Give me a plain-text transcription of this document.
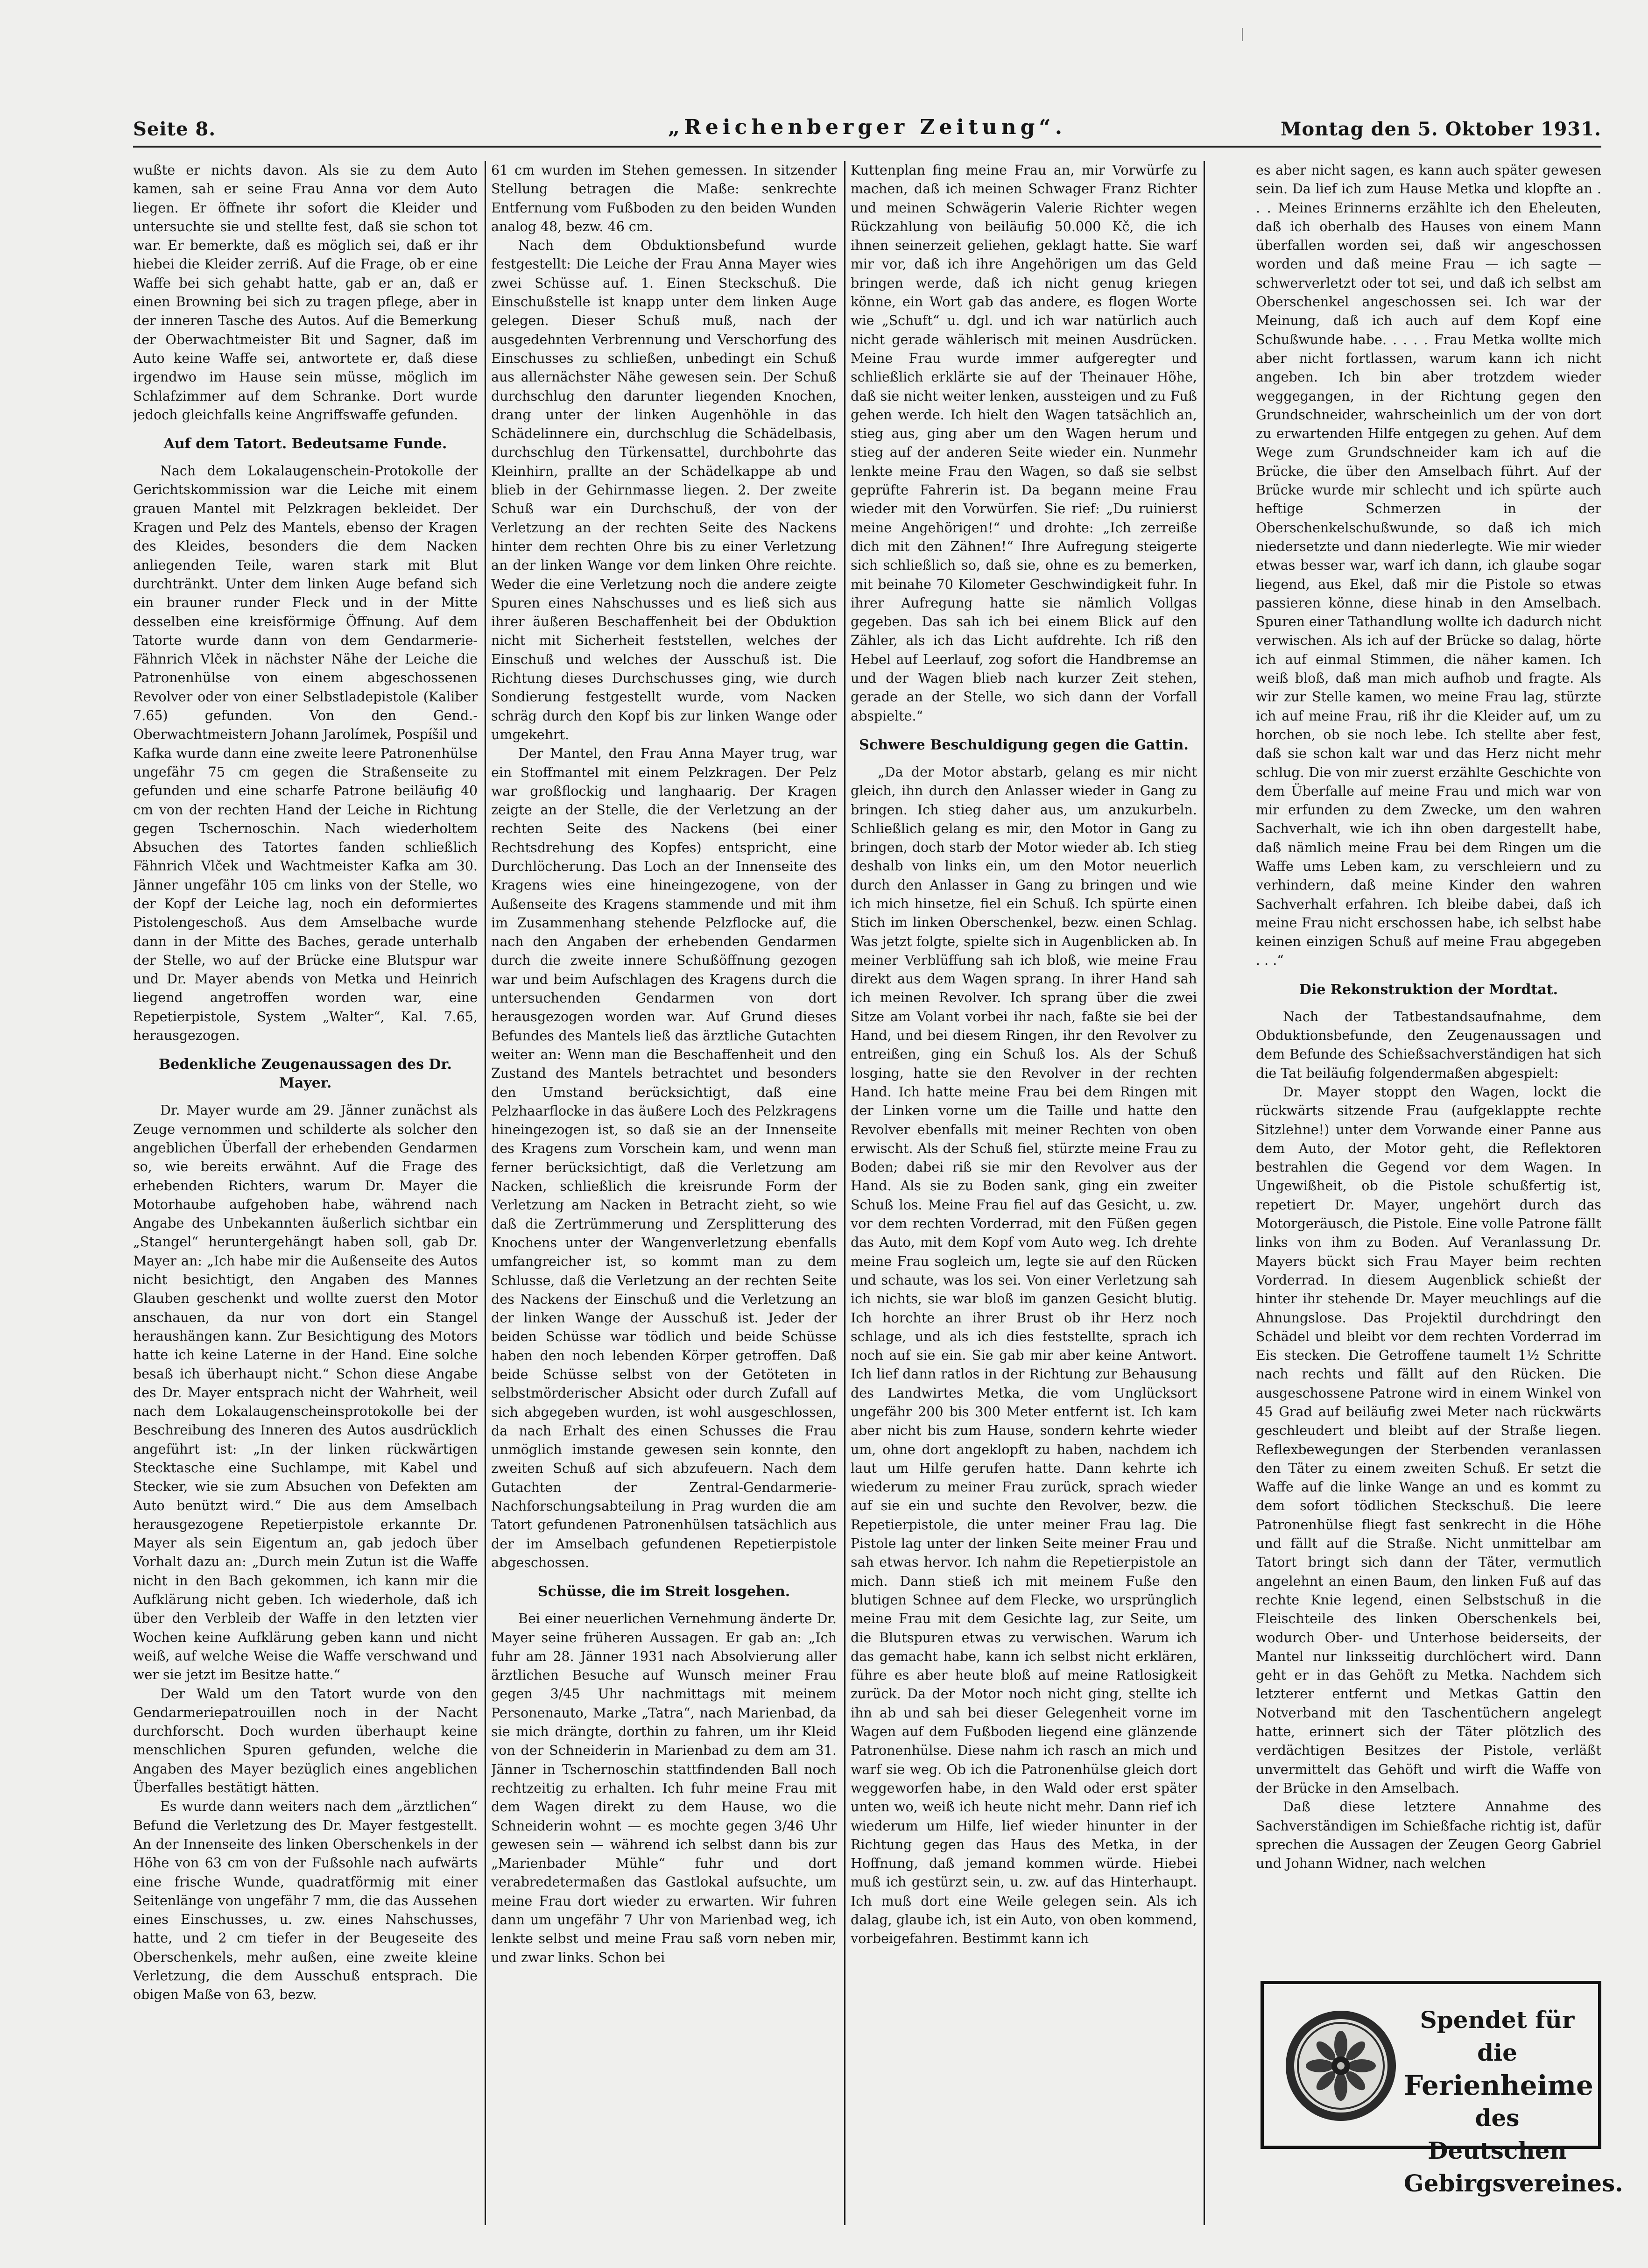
Seite 8.	„Reichenberger Zeitung“.	Montag den 5. Oktober 1931.

wußte er nichts davon. Als sie zu dem Auto kamen, sah er seine Frau Anna vor dem Auto liegen. Er öffnete ihr sofort die Kleider und untersuchte sie und stellte fest, daß sie schon tot war. Er bemerkte, daß es möglich sei, daß er ihr hiebei die Kleider zerriß. Auf die Frage, ob er eine Waffe bei sich gehabt hatte, gab er an, daß er einen Browning bei sich zu tragen pflege, aber in der inneren Tasche des Autos. Auf die Bemerkung der Oberwachtmeister Bit und Sagner, daß im Auto keine Waffe sei, antwortete er, daß diese irgendwo im Hause sein müsse, möglich im Schlafzimmer auf dem Schranke. Dort wurde jedoch gleichfalls keine Angriffswaffe gefunden.

Auf dem Tatort. Bedeutsame Funde.

Nach dem Lokalaugenschein-Protokolle der Gerichtskommission war die Leiche mit einem grauen Mantel mit Pelzkragen bekleidet. Der Kragen und Pelz des Mantels, ebenso der Kragen des Kleides, besonders die dem Nacken anliegenden Teile, waren stark mit Blut durchtränkt. Unter dem linken Auge befand sich ein brauner runder Fleck und in der Mitte desselben eine kreisförmige Öffnung. Auf dem Tatorte wurde dann von dem Gendarmerie-Fähnrich Vlček in nächster Nähe der Leiche die Patronenhülse von einem abgeschossenen Revolver oder von einer Selbstladepistole (Kaliber 7.65) gefunden. Von den Gend.-Oberwachtmeistern Johann Jarolímek, Pospíšil und Kafka wurde dann eine zweite leere Patronenhülse ungefähr 75 cm gegen die Straßenseite zu gefunden und eine scharfe Patrone beiläufig 40 cm von der rechten Hand der Leiche in Richtung gegen Tschernoschin. Nach wiederholtem Absuchen des Tatortes fanden schließlich Fähnrich Vlček und Wachtmeister Kafka am 30. Jänner ungefähr 105 cm links von der Stelle, wo der Kopf der Leiche lag, noch ein deformiertes Pistolengeschoß. Aus dem Amselbache wurde dann in der Mitte des Baches, gerade unterhalb der Stelle, wo auf der Brücke eine Blutspur war und Dr. Mayer abends von Metka und Heinrich liegend angetroffen worden war, eine Repetierpistole, System „Walter“, Kal. 7.65, herausgezogen.

Bedenkliche Zeugenaussagen des Dr. Mayer.

Dr. Mayer wurde am 29. Jänner zunächst als Zeuge vernommen und schilderte als solcher den angeblichen Überfall der erhebenden Gendarmen so, wie bereits erwähnt. Auf die Frage des erhebenden Richters, warum Dr. Mayer die Motorhaube aufgehoben habe, während nach Angabe des Unbekannten äußerlich sichtbar ein „Stangel“ heruntergehängt haben soll, gab Dr. Mayer an: „Ich habe mir die Außenseite des Autos nicht besichtigt, den Angaben des Mannes Glauben geschenkt und wollte zuerst den Motor anschauen, da nur von dort ein Stangel heraushängen kann. Zur Besichtigung des Motors hatte ich keine Laterne in der Hand. Eine solche besaß ich überhaupt nicht.“ Schon diese Angabe des Dr. Mayer entsprach nicht der Wahrheit, weil nach dem Lokalaugenscheinsprotokolle bei der Beschreibung des Inneren des Autos ausdrücklich angeführt ist: „In der linken rückwärtigen Stecktasche eine Suchlampe, mit Kabel und Stecker, wie sie zum Absuchen von Defekten am Auto benützt wird.“ Die aus dem Amselbach herausgezogene Repetierpistole erkannte Dr. Mayer als sein Eigentum an, gab jedoch über Vorhalt dazu an: „Durch mein Zutun ist die Waffe nicht in den Bach gekommen, ich kann mir die Aufklärung nicht geben. Ich wiederhole, daß ich über den Verbleib der Waffe in den letzten vier Wochen keine Aufklärung geben kann und nicht weiß, auf welche Weise die Waffe verschwand und wer sie jetzt im Besitze hatte.“

Der Wald um den Tatort wurde von den Gendarmeriepatrouillen noch in der Nacht durchforscht. Doch wurden überhaupt keine menschlichen Spuren gefunden, welche die Angaben des Mayer bezüglich eines angeblichen Überfalles bestätigt hätten.

Es wurde dann weiters nach dem „ärztlichen“ Befund die Verletzung des Dr. Mayer festgestellt. An der Innenseite des linken Oberschenkels in der Höhe von 63 cm von der Fußsohle nach aufwärts eine frische Wunde, quadratförmig mit einer Seitenlänge von ungefähr 7 mm, die das Aussehen eines Einschusses, u. zw. eines Nahschusses, hatte, und 2 cm tiefer in der Beugeseite des Oberschenkels, mehr außen, eine zweite kleine Verletzung, die dem Ausschuß entsprach. Die obigen Maße von 63, bezw.

61 cm wurden im Stehen gemessen. In sitzender Stellung betragen die Maße: senkrechte Entfernung vom Fußboden zu den beiden Wunden analog 48, bezw. 46 cm.

Nach dem Obduktionsbefund wurde festgestellt: Die Leiche der Frau Anna Mayer wies zwei Schüsse auf. 1. Einen Steckschuß. Die Einschußstelle ist knapp unter dem linken Auge gelegen. Dieser Schuß muß, nach der ausgedehnten Verbrennung und Verschorfung des Einschusses zu schließen, unbedingt ein Schuß aus allernächster Nähe gewesen sein. Der Schuß durchschlug den darunter liegenden Knochen, drang unter der linken Augenhöhle in das Schädelinnere ein, durchschlug die Schädelbasis, durchschlug den Türkensattel, durchbohrte das Kleinhirn, prallte an der Schädelkappe ab und blieb in der Gehirnmasse liegen. 2. Der zweite Schuß war ein Durchschuß, der von der Verletzung an der rechten Seite des Nackens hinter dem rechten Ohre bis zu einer Verletzung an der linken Wange vor dem linken Ohre reichte. Weder die eine Verletzung noch die andere zeigte Spuren eines Nahschusses und es ließ sich aus ihrer äußeren Beschaffenheit bei der Obduktion nicht mit Sicherheit feststellen, welches der Einschuß und welches der Ausschuß ist. Die Richtung dieses Durchschusses ging, wie durch Sondierung festgestellt wurde, vom Nacken schräg durch den Kopf bis zur linken Wange oder umgekehrt.

Der Mantel, den Frau Anna Mayer trug, war ein Stoffmantel mit einem Pelzkragen. Der Pelz war großflockig und langhaarig. Der Kragen zeigte an der Stelle, die der Verletzung an der rechten Seite des Nackens (bei einer Rechtsdrehung des Kopfes) entspricht, eine Durchlöcherung. Das Loch an der Innenseite des Kragens wies eine hineingezogene, von der Außenseite des Kragens stammende und mit ihm im Zusammenhang stehende Pelzflocke auf, die nach den Angaben der erhebenden Gendarmen durch die zweite innere Schußöffnung gezogen war und beim Aufschlagen des Kragens durch die untersuchenden Gendarmen von dort herausgezogen worden war. Auf Grund dieses Befundes des Mantels ließ das ärztliche Gutachten weiter an: Wenn man die Beschaffenheit und den Zustand des Mantels betrachtet und besonders den Umstand berücksichtigt, daß eine Pelzhaarflocke in das äußere Loch des Pelzkragens hineingezogen ist, so daß sie an der Innenseite des Kragens zum Vorschein kam, und wenn man ferner berücksichtigt, daß die Verletzung am Nacken, schließlich die kreisrunde Form der Verletzung am Nacken in Betracht zieht, so wie daß die Zertrümmerung und Zersplitterung des Knochens unter der Wangenverletzung ebenfalls umfangreicher ist, so kommt man zu dem Schlusse, daß die Verletzung an der rechten Seite des Nackens der Einschuß und die Verletzung an der linken Wange der Ausschuß ist. Jeder der beiden Schüsse war tödlich und beide Schüsse haben den noch lebenden Körper getroffen. Daß beide Schüsse selbst von der Getöteten in selbstmörderischer Absicht oder durch Zufall auf sich abgegeben wurden, ist wohl ausgeschlossen, da nach Erhalt des einen Schusses die Frau unmöglich imstande gewesen sein konnte, den zweiten Schuß auf sich abzufeuern. Nach dem Gutachten der Zentral-Gendarmerie-Nachforschungsabteilung in Prag wurden die am Tatort gefundenen Patronenhülsen tatsächlich aus der im Amselbach gefundenen Repetierpistole abgeschossen.

Schüsse, die im Streit losgehen.

Bei einer neuerlichen Vernehmung änderte Dr. Mayer seine früheren Aussagen. Er gab an: „Ich fuhr am 28. Jänner 1931 nach Absolvierung aller ärztlichen Besuche auf Wunsch meiner Frau gegen 3/45 Uhr nachmittags mit meinem Personenauto, Marke „Tatra“, nach Marienbad, da sie mich drängte, dorthin zu fahren, um ihr Kleid von der Schneiderin in Marienbad zu dem am 31. Jänner in Tschernoschin stattfindenden Ball noch rechtzeitig zu erhalten. Ich fuhr meine Frau mit dem Wagen direkt zu dem Hause, wo die Schneiderin wohnt — es mochte gegen 3/46 Uhr gewesen sein — während ich selbst dann bis zur „Marienbader Mühle“ fuhr und dort verabredetermaßen das Gastlokal aufsuchte, um meine Frau dort wieder zu erwarten. Wir fuhren dann um ungefähr 7 Uhr von Marienbad weg, ich lenkte selbst und meine Frau saß vorn neben mir, und zwar links. Schon bei

Kuttenplan fing meine Frau an, mir Vorwürfe zu machen, daß ich meinen Schwager Franz Richter und meinen Schwägerin Valerie Richter wegen Rückzahlung von beiläufig 50.000 Kč, die ich ihnen seinerzeit geliehen, geklagt hatte. Sie warf mir vor, daß ich ihre Angehörigen um das Geld bringen werde, daß ich nicht genug kriegen könne, ein Wort gab das andere, es flogen Worte wie „Schuft“ u. dgl. und ich war natürlich auch nicht gerade wählerisch mit meinen Ausdrücken. Meine Frau wurde immer aufgeregter und schließlich erklärte sie auf der Theinauer Höhe, daß sie nicht weiter lenken, aussteigen und zu Fuß gehen werde. Ich hielt den Wagen tatsächlich an, stieg aus, ging aber um den Wagen herum und stieg auf der anderen Seite wieder ein. Nunmehr lenkte meine Frau den Wagen, so daß sie selbst geprüfte Fahrerin ist. Da begann meine Frau wieder mit den Vorwürfen. Sie rief: „Du ruinierst meine Angehörigen!“ und drohte: „Ich zerreiße dich mit den Zähnen!“ Ihre Aufregung steigerte sich schließlich so, daß sie, ohne es zu bemerken, mit beinahe 70 Kilometer Geschwindigkeit fuhr. In ihrer Aufregung hatte sie nämlich Vollgas gegeben. Das sah ich bei einem Blick auf den Zähler, als ich das Licht aufdrehte. Ich riß den Hebel auf Leerlauf, zog sofort die Handbremse an und der Wagen blieb nach kurzer Zeit stehen, gerade an der Stelle, wo sich dann der Vorfall abspielte.“

Schwere Beschuldigung gegen die Gattin.

„Da der Motor abstarb, gelang es mir nicht gleich, ihn durch den Anlasser wieder in Gang zu bringen. Ich stieg daher aus, um anzukurbeln. Schließlich gelang es mir, den Motor in Gang zu bringen, doch starb der Motor wieder ab. Ich stieg deshalb von links ein, um den Motor neuerlich durch den Anlasser in Gang zu bringen und wie ich mich hinsetze, fiel ein Schuß. Ich spürte einen Stich im linken Oberschenkel, bezw. einen Schlag. Was jetzt folgte, spielte sich in Augenblicken ab. In meiner Verblüffung sah ich bloß, wie meine Frau direkt aus dem Wagen sprang. In ihrer Hand sah ich meinen Revolver. Ich sprang über die zwei Sitze am Volant vorbei ihr nach, faßte sie bei der Hand, und bei diesem Ringen, ihr den Revolver zu entreißen, ging ein Schuß los. Als der Schuß losging, hatte sie den Revolver in der rechten Hand. Ich hatte meine Frau bei dem Ringen mit der Linken vorne um die Taille und hatte den Revolver ebenfalls mit meiner Rechten von oben erwischt. Als der Schuß fiel, stürzte meine Frau zu Boden; dabei riß sie mir den Revolver aus der Hand. Als sie zu Boden sank, ging ein zweiter Schuß los. Meine Frau fiel auf das Gesicht, u. zw. vor dem rechten Vorderrad, mit den Füßen gegen das Auto, mit dem Kopf vom Auto weg. Ich drehte meine Frau sogleich um, legte sie auf den Rücken und schaute, was los sei. Von einer Verletzung sah ich nichts, sie war bloß im ganzen Gesicht blutig. Ich horchte an ihrer Brust ob ihr Herz noch schlage, und als ich dies feststellte, sprach ich noch auf sie ein. Sie gab mir aber keine Antwort. Ich lief dann ratlos in der Richtung zur Behausung des Landwirtes Metka, die vom Unglücksort ungefähr 200 bis 300 Meter entfernt ist. Ich kam aber nicht bis zum Hause, sondern kehrte wieder um, ohne dort angeklopft zu haben, nachdem ich laut um Hilfe gerufen hatte. Dann kehrte ich wiederum zu meiner Frau zurück, sprach wieder auf sie ein und suchte den Revolver, bezw. die Repetierpistole, die unter meiner Frau lag. Die Pistole lag unter der linken Seite meiner Frau und sah etwas hervor. Ich nahm die Repetierpistole an mich. Dann stieß ich mit meinem Fuße den blutigen Schnee auf dem Flecke, wo ursprünglich meine Frau mit dem Gesichte lag, zur Seite, um die Blutspuren etwas zu verwischen. Warum ich das gemacht habe, kann ich selbst nicht erklären, führe es aber heute bloß auf meine Ratlosigkeit zurück. Da der Motor noch nicht ging, stellte ich ihn ab und sah bei dieser Gelegenheit vorne im Wagen auf dem Fußboden liegend eine glänzende Patronenhülse. Diese nahm ich rasch an mich und warf sie weg. Ob ich die Patronenhülse gleich dort weggeworfen habe, in den Wald oder erst später unten wo, weiß ich heute nicht mehr. Dann rief ich wiederum um Hilfe, lief wieder hinunter in der Richtung gegen das Haus des Metka, in der Hoffnung, daß jemand kommen würde. Hiebei muß ich gestürzt sein, u. zw. auf das Hinterhaupt. Ich muß dort eine Weile gelegen sein. Als ich dalag, glaube ich, ist ein Auto, von oben kommend, vorbeigefahren. Bestimmt kann ich

es aber nicht sagen, es kann auch später gewesen sein. Da lief ich zum Hause Metka und klopfte an . . . Meines Erinnerns erzählte ich den Eheleuten, daß ich oberhalb des Hauses von einem Mann überfallen worden sei, daß wir angeschossen worden und daß meine Frau — ich sagte — schwerverletzt oder tot sei, und daß ich selbst am Oberschenkel angeschossen sei. Ich war der Meinung, daß ich auch auf dem Kopf eine Schußwunde habe. . . . . Frau Metka wollte mich aber nicht fortlassen, warum kann ich nicht angeben. Ich bin aber trotzdem wieder weggegangen, in der Richtung gegen den Grundschneider, wahrscheinlich um der von dort zu erwartenden Hilfe entgegen zu gehen. Auf dem Wege zum Grundschneider kam ich auf die Brücke, die über den Amselbach führt. Auf der Brücke wurde mir schlecht und ich spürte auch heftige Schmerzen in der Oberschenkelschußwunde, so daß ich mich niedersetzte und dann niederlegte. Wie mir wieder etwas besser war, warf ich dann, ich glaube sogar liegend, aus Ekel, daß mir die Pistole so etwas passieren könne, diese hinab in den Amselbach. Spuren einer Tathandlung wollte ich dadurch nicht verwischen. Als ich auf der Brücke so dalag, hörte ich auf einmal Stimmen, die näher kamen. Ich weiß bloß, daß man mich aufhob und fragte. Als wir zur Stelle kamen, wo meine Frau lag, stürzte ich auf meine Frau, riß ihr die Kleider auf, um zu horchen, ob sie noch lebe. Ich stellte aber fest, daß sie schon kalt war und das Herz nicht mehr schlug. Die von mir zuerst erzählte Geschichte von dem Überfalle auf meine Frau und mich war von mir erfunden zu dem Zwecke, um den wahren Sachverhalt, wie ich ihn oben dargestellt habe, daß nämlich meine Frau bei dem Ringen um die Waffe ums Leben kam, zu verschleiern und zu verhindern, daß meine Kinder den wahren Sachverhalt erfahren. Ich bleibe dabei, daß ich meine Frau nicht erschossen habe, ich selbst habe keinen einzigen Schuß auf meine Frau abgegeben . . .“

Die Rekonstruktion der Mordtat.

Nach der Tatbestandsaufnahme, dem Obduktionsbefunde, den Zeugenaussagen und dem Befunde des Schießsachverständigen hat sich die Tat beiläufig folgendermaßen abgespielt:

Dr. Mayer stoppt den Wagen, lockt die rückwärts sitzende Frau (aufgeklappte rechte Sitzlehne!) unter dem Vorwande einer Panne aus dem Auto, der Motor geht, die Reflektoren bestrahlen die Gegend vor dem Wagen. In Ungewißheit, ob die Pistole schußfertig ist, repetiert Dr. Mayer, ungehört durch das Motorgeräusch, die Pistole. Eine volle Patrone fällt links von ihm zu Boden. Auf Veranlassung Dr. Mayers bückt sich Frau Mayer beim rechten Vorderrad. In diesem Augenblick schießt der hinter ihr stehende Dr. Mayer meuchlings auf die Ahnungslose. Das Projektil durchdringt den Schädel und bleibt vor dem rechten Vorderrad im Eis stecken. Die Getroffene taumelt 1½ Schritte nach rechts und fällt auf den Rücken. Die ausgeschossene Patrone wird in einem Winkel von 45 Grad auf beiläufig zwei Meter nach rückwärts geschleudert und bleibt auf der Straße liegen. Reflexbewegungen der Sterbenden veranlassen den Täter zu einem zweiten Schuß. Er setzt die Waffe auf die linke Wange an und es kommt zu dem sofort tödlichen Steckschuß. Die leere Patronenhülse fliegt fast senkrecht in die Höhe und fällt auf die Straße. Nicht unmittelbar am Tatort bringt sich dann der Täter, vermutlich angelehnt an einen Baum, den linken Fuß auf das rechte Knie legend, einen Selbstschuß in die Fleischteile des linken Oberschenkels bei, wodurch Ober- und Unterhose beiderseits, der Mantel nur linksseitig durchlöchert wird. Dann geht er in das Gehöft zu Metka. Nachdem sich letzterer entfernt und Metkas Gattin den Notverband mit den Taschentüchern angelegt hatte, erinnert sich der Täter plötzlich des verdächtigen Besitzes der Pistole, verläßt unvermittelt das Gehöft und wirft die Waffe von der Brücke in den Amselbach.

Daß diese letztere Annahme des Sachverständigen im Schießfache richtig ist, dafür sprechen die Aussagen der Zeugen Georg Gabriel und Johann Widner, nach welchen

Spendet für die
Ferienheime
des Deutschen
Gebirgsvereines.
